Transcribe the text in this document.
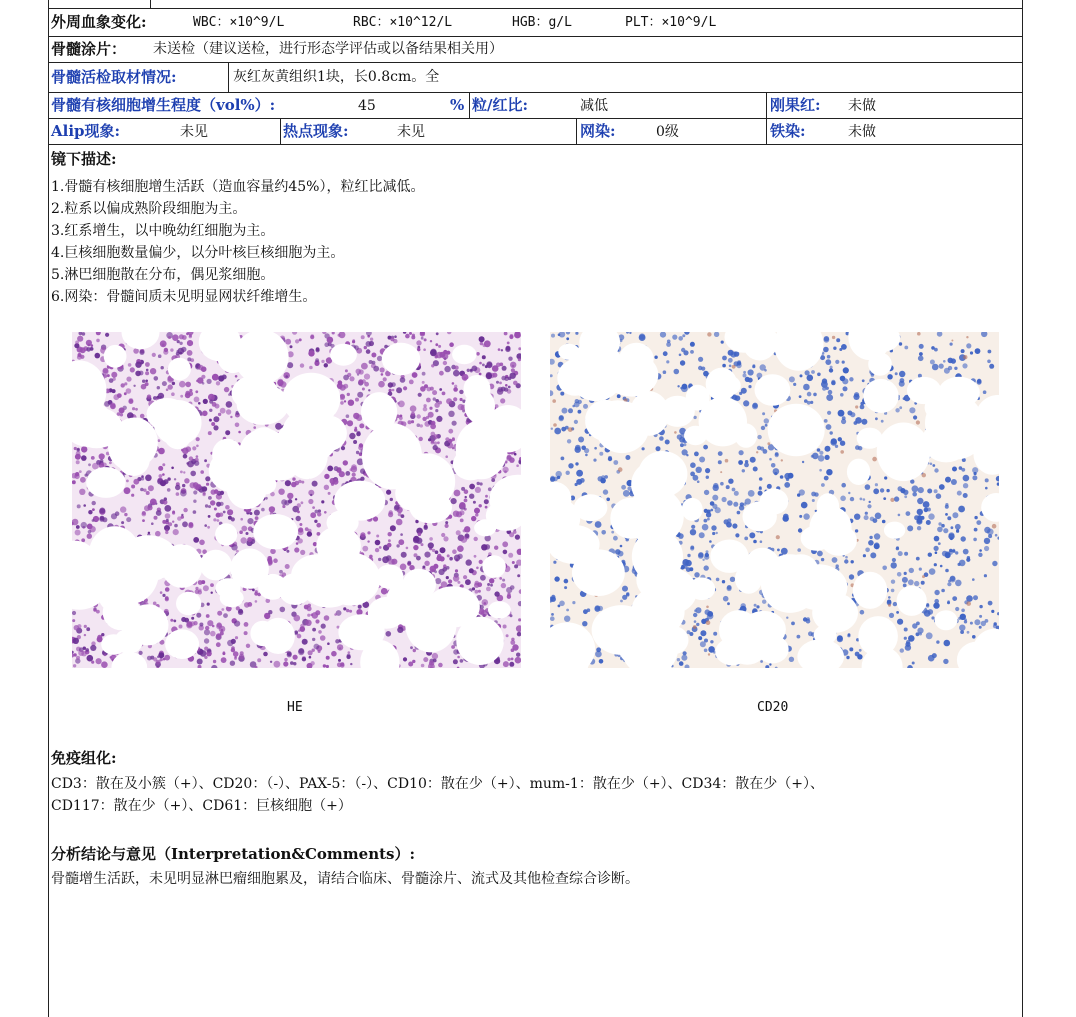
外周血象变化:	WBC：×10^9/L	RBC：×10^12/L	HGB：g/L	PLT：×10^9/L
骨髓涂片： 未送检（建议送检，进行形态学评估或以备结果相关用）
骨髓活检取材情况:	灰红灰黄组织1块，长0.8cm。全
骨髓有核细胞增生程度（vol%）:	45	% 粒/红比:	减低	刚果红: 未做
Alip现象:	未见	热点现象:	未见	网染:	0级	铁染:	未做
镜下描述:
1.骨髓有核细胞增生活跃（造血容量约45%），粒红比减低。
2.粒系以偏成熟阶段细胞为主。
3.红系增生，以中晚幼红细胞为主。
4.巨核细胞数量偏少，以分叶核巨核细胞为主。
5.淋巴细胞散在分布，偶见浆细胞。
6.网染：骨髓间质未见明显网状纤维增生。
HE	CD20
免疫组化:
CD3：散在及小簇（+）、CD20：（-）、PAX-5：（-）、CD10：散在少（+）、mum-1：散在少（+）、CD34：散在少（+）、
CD117：散在少（+）、CD61：巨核细胞（+）
分析结论与意见（Interpretation&Comments）:
骨髓增生活跃，未见明显淋巴瘤细胞累及，请结合临床、骨髓涂片、流式及其他检查综合诊断。
